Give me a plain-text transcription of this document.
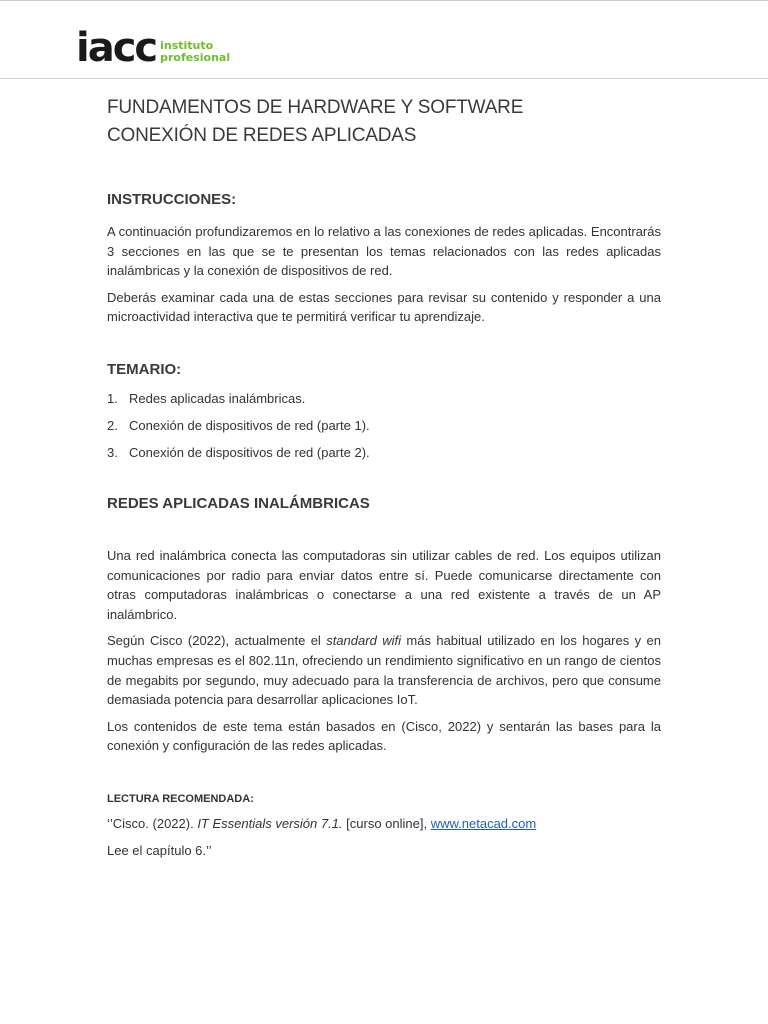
iacc instituto
profesional
FUNDAMENTOS DE HARDWARE Y SOFTWARE
CONEXIÓN DE REDES APLICADAS
INSTRUCCIONES:

A continuación profundizaremos en lo relativo a las conexiones de redes aplicadas. Encontrarás 3 secciones en las que se te presentan los temas relacionados con las redes aplicadas inalámbricas y la conexión de dispositivos de red.

Deberás examinar cada una de estas secciones para revisar su contenido y responder a una microactividad interactiva que te permitirá verificar tu aprendizaje.

TEMARIO:
1. Redes aplicadas inalámbricas.
2. Conexión de dispositivos de red (parte 1).
3. Conexión de dispositivos de red (parte 2).
REDES APLICADAS INALÁMBRICAS

Una red inalámbrica conecta las computadoras sin utilizar cables de red. Los equipos utilizan comunicaciones por radio para enviar datos entre sí. Puede comunicarse directamente con otras computadoras inalámbricas o conectarse a una red existente a través de un AP inalámbrico.

Según Cisco (2022), actualmente el standard wifi más habitual utilizado en los hogares y en muchas empresas es el 802.11n, ofreciendo un rendimiento significativo en un rango de cientos de megabits por segundo, muy adecuado para la transferencia de archivos, pero que consume demasiada potencia para desarrollar aplicaciones IoT.

Los contenidos de este tema están basados en (Cisco, 2022) y sentarán las bases para la conexión y configuración de las redes aplicadas.

LECTURA RECOMENDADA:

‘’Cisco. (2022). IT Essentials versión 7.1. [curso online], www.netacad.com

Lee el capítulo 6.’’
